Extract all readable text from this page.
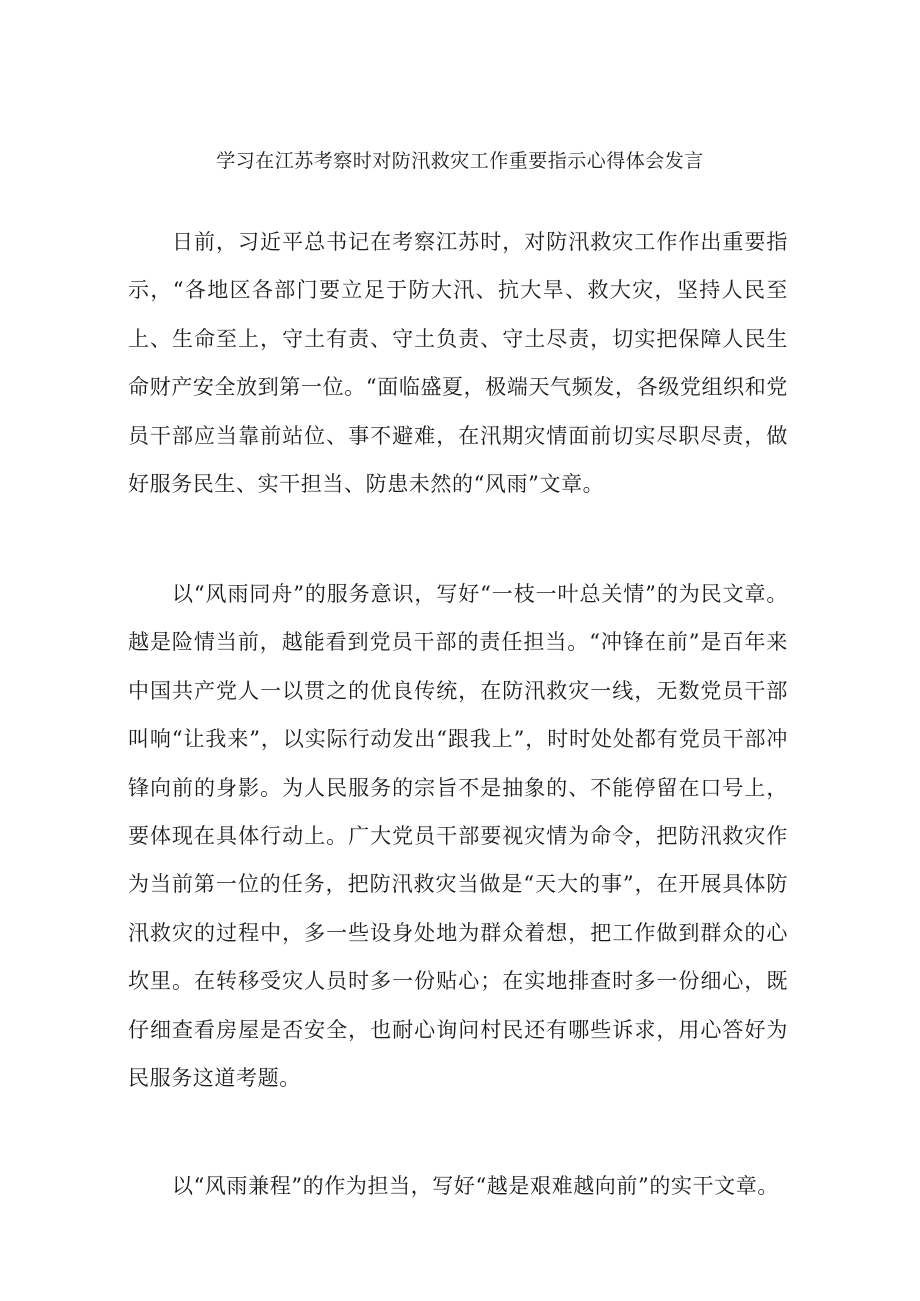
学习在江苏考察时对防汛救灾工作重要指示心得体会发言

日前，习近平总书记在考察江苏时，对防汛救灾工作作出重要指示，“各地区各部门要立足于防大汛、抗大旱、救大灾，坚持人民至上、生命至上，守土有责、守土负责、守土尽责，切实把保障人民生命财产安全放到第一位。“面临盛夏，极端天气频发，各级党组织和党员干部应当靠前站位、事不避难，在汛期灾情面前切实尽职尽责，做好服务民生、实干担当、防患未然的“风雨”文章。

以“风雨同舟”的服务意识，写好“一枝一叶总关情”的为民文章。越是险情当前，越能看到党员干部的责任担当。“冲锋在前”是百年来中国共产党人一以贯之的优良传统，在防汛救灾一线，无数党员干部叫响“让我来”，以实际行动发出“跟我上”，时时处处都有党员干部冲锋向前的身影。为人民服务的宗旨不是抽象的、不能停留在口号上，要体现在具体行动上。广大党员干部要视灾情为命令，把防汛救灾作为当前第一位的任务，把防汛救灾当做是“天大的事”，在开展具体防汛救灾的过程中，多一些设身处地为群众着想，把工作做到群众的心坎里。在转移受灾人员时多一份贴心；在实地排查时多一份细心，既仔细查看房屋是否安全，也耐心询问村民还有哪些诉求，用心答好为民服务这道考题。

以“风雨兼程”的作为担当，写好“越是艰难越向前”的实干文章。
